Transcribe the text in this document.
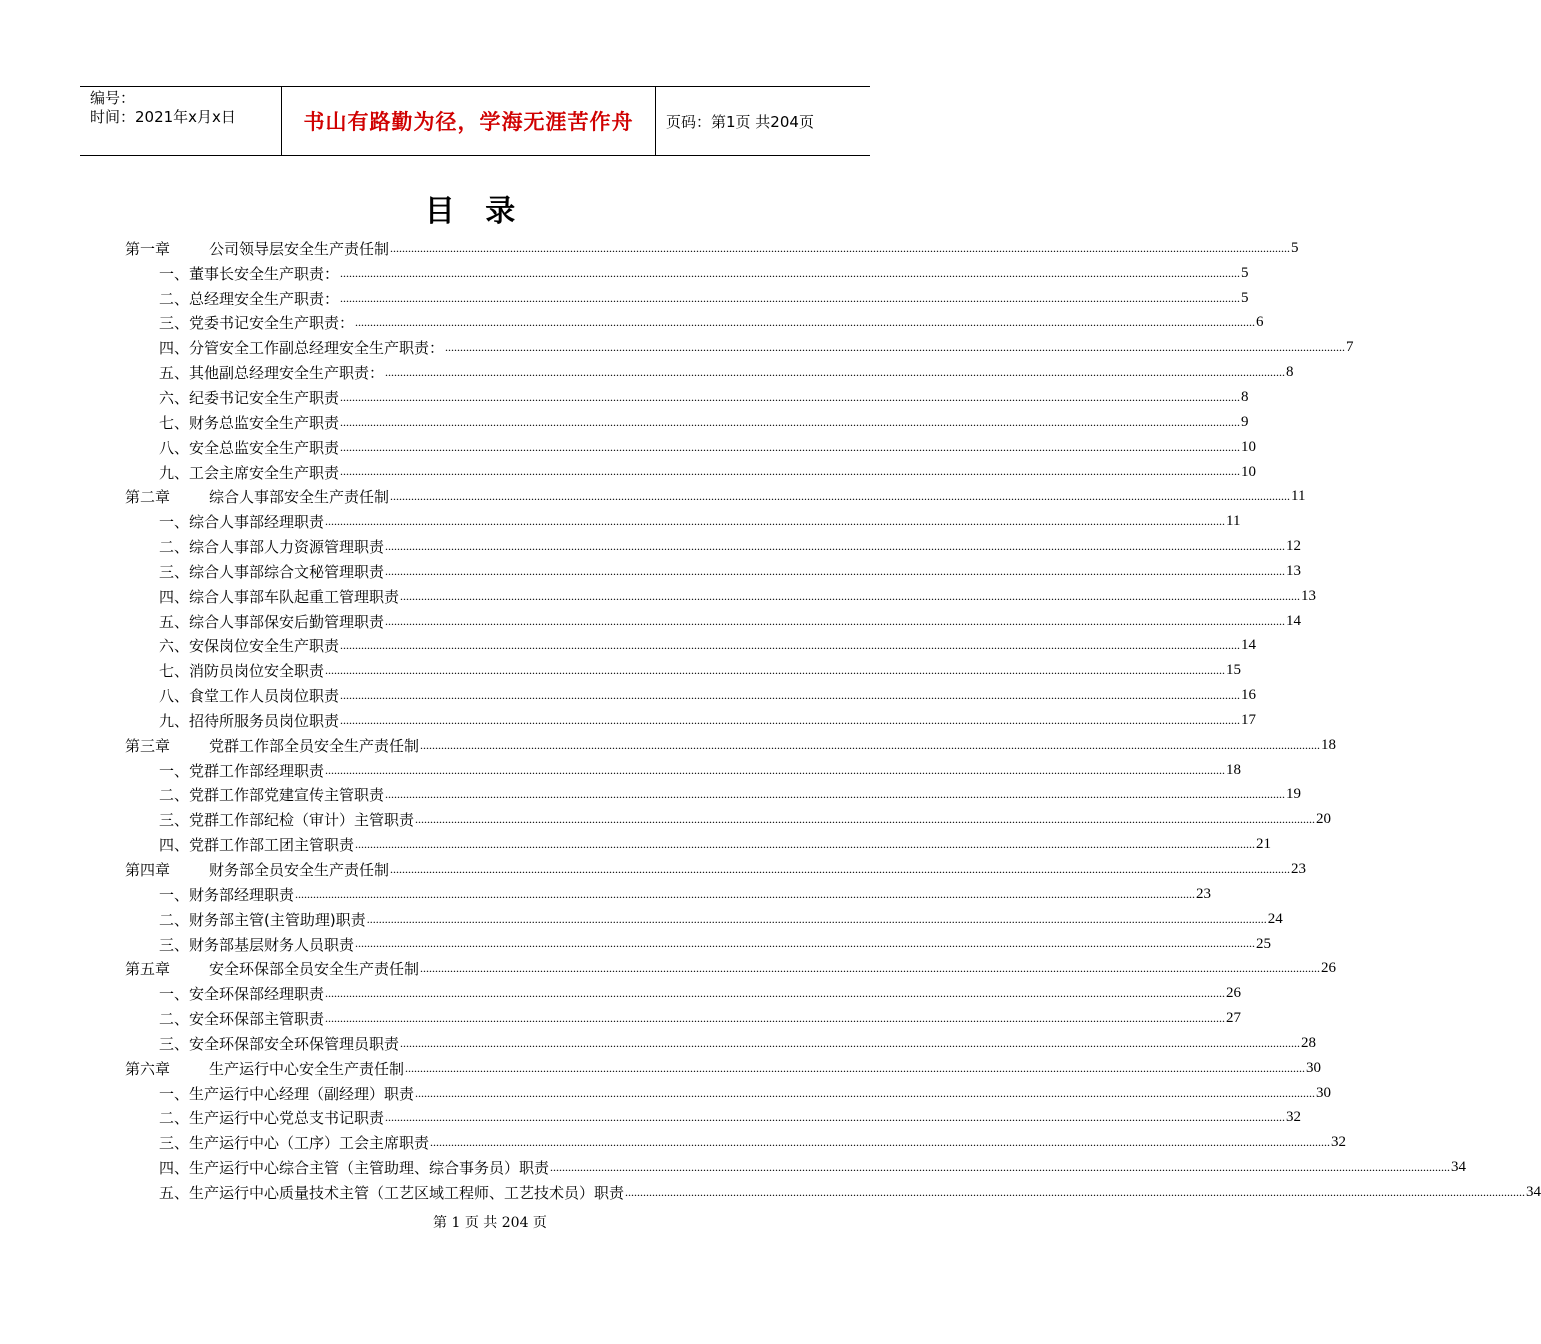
编号：
时间：2021年x月x日	书山有路勤为径，学海无涯苦作舟	页码：第1页 共204页
目 录
第一章	公司领导层安全生产责任制 ............................................................................................................................................................................................................................................................................................................ 5
一、 董事长安全生产职责： ............................................................................................................................................................................................................................................................................................................ 5
二、 总经理安全生产职责： ............................................................................................................................................................................................................................................................................................................ 5
三、 党委书记安全生产职责： ............................................................................................................................................................................................................................................................................................................ 6
四、 分管安全工作副总经理安全生产职责： ............................................................................................................................................................................................................................................................................................................ 7
五、 其他副总经理安全生产职责： ............................................................................................................................................................................................................................................................................................................ 8
六、 纪委书记安全生产职责 ............................................................................................................................................................................................................................................................................................................ 8
七、 财务总监安全生产职责 ............................................................................................................................................................................................................................................................................................................ 9
八、 安全总监安全生产职责 ............................................................................................................................................................................................................................................................................................................ 10
九、 工会主席安全生产职责 ............................................................................................................................................................................................................................................................................................................ 10
第二章	综合人事部安全生产责任制 ............................................................................................................................................................................................................................................................................................................ 11
一、 综合人事部经理职责 ............................................................................................................................................................................................................................................................................................................ 11
二、 综合人事部人力资源管理职责 ............................................................................................................................................................................................................................................................................................................ 12
三、 综合人事部综合文秘管理职责 ............................................................................................................................................................................................................................................................................................................ 13
四、 综合人事部车队起重工管理职责 ............................................................................................................................................................................................................................................................................................................ 13
五、 综合人事部保安后勤管理职责 ............................................................................................................................................................................................................................................................................................................ 14
六、 安保岗位安全生产职责 ............................................................................................................................................................................................................................................................................................................ 14
七、 消防员岗位安全职责 ............................................................................................................................................................................................................................................................................................................ 15
八、 食堂工作人员岗位职责 ............................................................................................................................................................................................................................................................................................................ 16
九、 招待所服务员岗位职责 ............................................................................................................................................................................................................................................................................................................ 17
第三章	党群工作部全员安全生产责任制 ............................................................................................................................................................................................................................................................................................................ 18
一、 党群工作部经理职责 ............................................................................................................................................................................................................................................................................................................ 18
二、 党群工作部党建宣传主管职责 ............................................................................................................................................................................................................................................................................................................ 19
三、 党群工作部纪检（审计）主管职责 ............................................................................................................................................................................................................................................................................................................ 20
四、 党群工作部工团主管职责 ............................................................................................................................................................................................................................................................................................................ 21
第四章	财务部全员安全生产责任制 ............................................................................................................................................................................................................................................................................................................ 23
一、 财务部经理职责 ............................................................................................................................................................................................................................................................................................................ 23
二、 财务部主管(主管助理)职责 ............................................................................................................................................................................................................................................................................................................ 24
三、 财务部基层财务人员职责 ............................................................................................................................................................................................................................................................................................................ 25
第五章	安全环保部全员安全生产责任制 ............................................................................................................................................................................................................................................................................................................ 26
一、 安全环保部经理职责 ............................................................................................................................................................................................................................................................................................................ 26
二、 安全环保部主管职责 ............................................................................................................................................................................................................................................................................................................ 27
三、 安全环保部安全环保管理员职责 ............................................................................................................................................................................................................................................................................................................ 28
第六章	生产运行中心安全生产责任制 ............................................................................................................................................................................................................................................................................................................ 30
一、 生产运行中心经理（副经理）职责 ............................................................................................................................................................................................................................................................................................................ 30
二、 生产运行中心党总支书记职责 ............................................................................................................................................................................................................................................................................................................ 32
三、 生产运行中心（工序）工会主席职责 ............................................................................................................................................................................................................................................................................................................ 32
四、 生产运行中心综合主管（主管助理、综合事务员）职责 ............................................................................................................................................................................................................................................................................................................ 34
五、 生产运行中心质量技术主管（工艺区域工程师、工艺技术员）职责 ............................................................................................................................................................................................................................................................................................................ 34
第 1 页 共 204 页
